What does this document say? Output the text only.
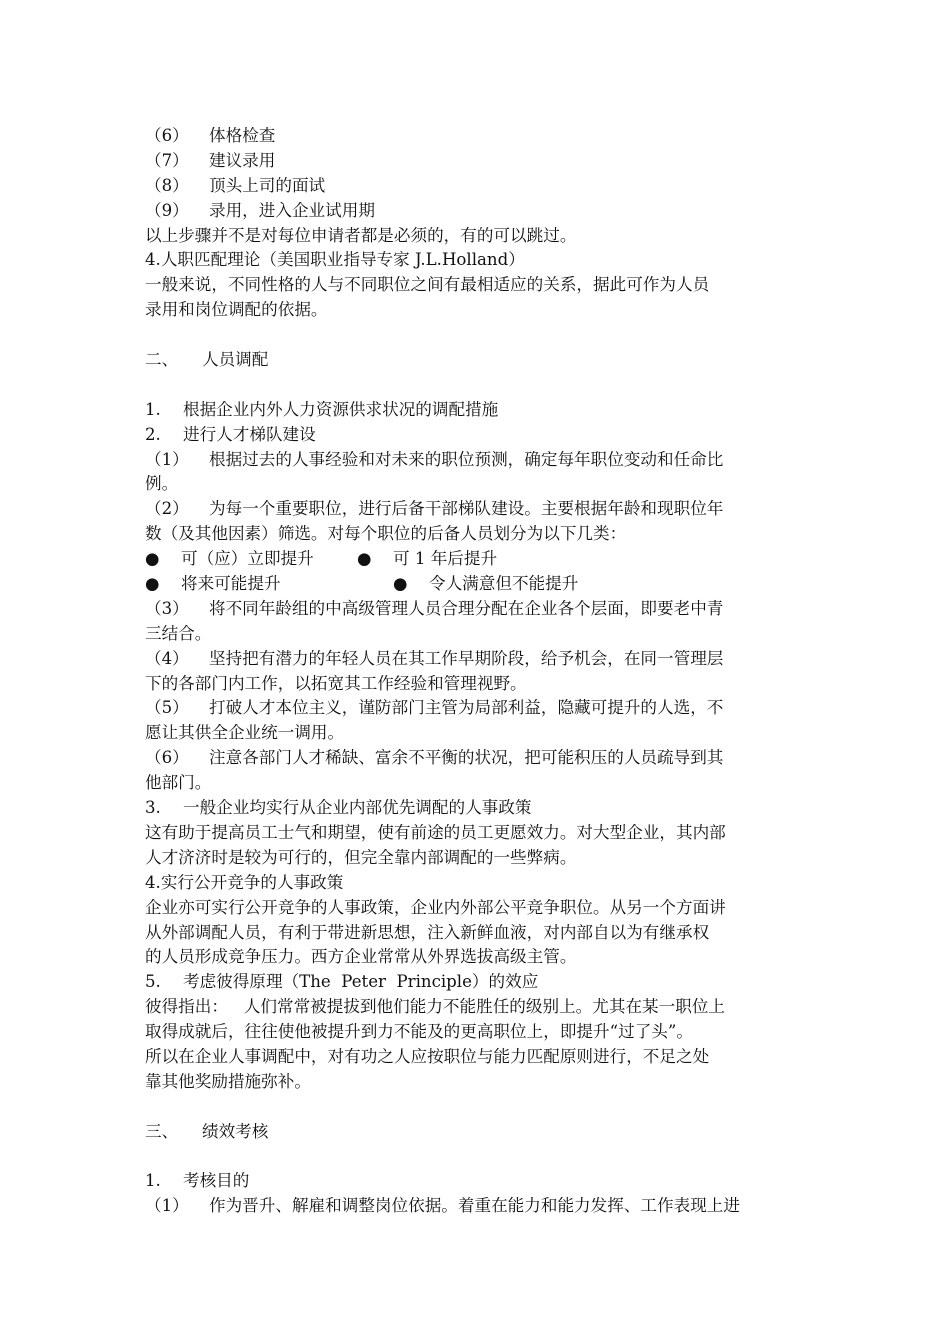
（6） 体格检查
（7） 建议录用
（8） 顶头上司的面试
（9） 录用，进入企业试用期
以上步骤并不是对每位申请者都是必须的，有的可以跳过。
4.人职匹配理论（美国职业指导专家 J.L.Holland）
一般来说，不同性格的人与不同职位之间有最相适应的关系，据此可作为人员
录用和岗位调配的依据。
二、 人员调配
1. 根据企业内外人力资源供求状况的调配措施
2. 进行人才梯队建设
（1） 根据过去的人事经验和对未来的职位预测，确定每年职位变动和任命比
例。
（2） 为每一个重要职位，进行后备干部梯队建设。主要根据年龄和现职位年
数（及其他因素）筛选。对每个职位的后备人员划分为以下几类：
● 可（应）立即提升	● 可 1 年后提升
● 将来可能提升	● 令人满意但不能提升
（3） 将不同年龄组的中高级管理人员合理分配在企业各个层面，即要老中青
三结合。
（4） 坚持把有潜力的年轻人员在其工作早期阶段，给予机会，在同一管理层
下的各部门内工作，以拓宽其工作经验和管理视野。
（5） 打破人才本位主义，谨防部门主管为局部利益，隐藏可提升的人选，不
愿让其供全企业统一调用。
（6） 注意各部门人才稀缺、富余不平衡的状况，把可能积压的人员疏导到其
他部门。
3. 一般企业均实行从企业内部优先调配的人事政策
这有助于提高员工士气和期望，使有前途的员工更愿效力。对大型企业，其内部
人才济济时是较为可行的，但完全靠内部调配的一些弊病。
4.实行公开竞争的人事政策
企业亦可实行公开竞争的人事政策，企业内外部公平竞争职位。从另一个方面讲
从外部调配人员，有利于带进新思想，注入新鲜血液，对内部自以为有继承权
的人员形成竞争压力。西方企业常常从外界选拔高级主管。
5. 考虑彼得原理（The  Peter  Principle）的效应
彼得指出：   人们常常被提拔到他们能力不能胜任的级别上。尤其在某一职位上
取得成就后，往往使他被提升到力不能及的更高职位上，即提升“过了头”。
所以在企业人事调配中，对有功之人应按职位与能力匹配原则进行，不足之处
靠其他奖励措施弥补。
三、 绩效考核
1. 考核目的
（1） 作为晋升、解雇和调整岗位依据。着重在能力和能力发挥、工作表现上进
